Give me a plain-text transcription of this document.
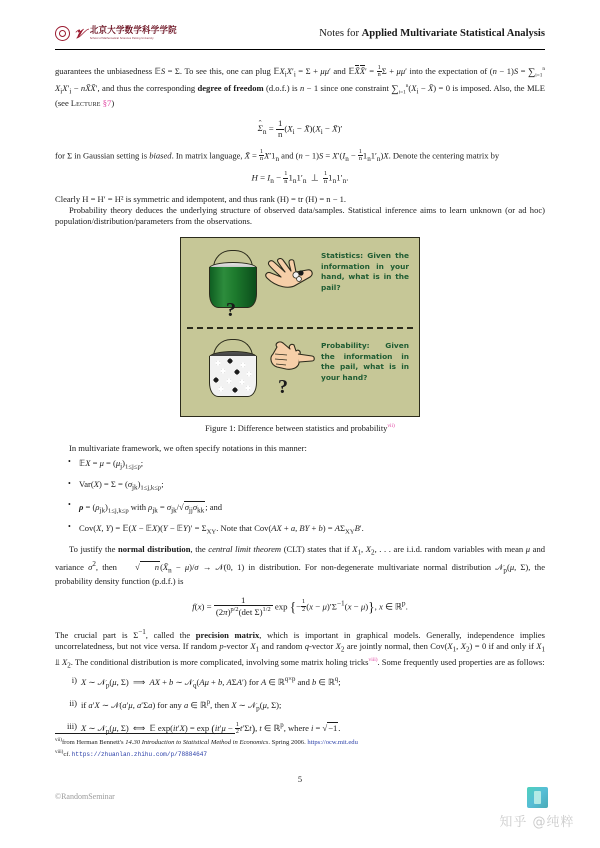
𝒱 北京大学数学科学学院
School of Mathematical Sciences Peking University	Notes for Applied Multivariate Statistical Analysis

guarantees the unbiasedness 𝔼S = Σ. To see this, one can plug $𝔼X_iX'_i = \Sigma + \mu\mu'$ and 𝔼X̄X̄′ = $\frac{1}{n}$ Σ + μμ′ into the expectation of $(n - 1)S = \sum_{i=1}^n$ $X_iX'_i$ − nX̄X̄′, and thus the corresponding degree of freedom (d.o.f.) is n − 1 since one constraint $\sum_{i=1}^n(X_i$ − X̄) = 0 is imposed. Also, the MLE (see Lecture §7)

ˆ $\Sigma_n = \frac{1}{n} (X_i$ − $X̄)(X_i$ − X̄)′

for Σ in Gaussian setting is biased. In matrix language, X̄ = $\frac{1}{n} X'1_n$ and $(n - 1)S = X'(I_n - \frac{1}{n} 1_n1'_n)X$. Denote the centering matrix by

$H = I_n - \frac{1}{n} 1_n1'_n$  ⊥ $\frac{1}{n} 1_n1'_n$.

Clearly H = H′ = H² is symmetric and idempotent, and thus rank (H) = tr (H) = n − 1.

Probability theory deduces the underlying structure of observed data/samples. Statistical inference aims to learn unknown (or ad hoc) population/distribution/parameters from the observations.

?
Statistics: Given the information in your hand, what is in the pail?
?
Probability: Given the information in the pail, what is in your hand?
Figure 1: Difference between statistics and probability$^{vii)}$

In multivariate framework, we often specify notations in this manner:

• 𝔼X = $\mu = (\mu_j)_{1\le j\le p}$;
• $Var(X) = \Sigma = (\sigma_{jk})_{1\le j,k\le p}$;
• $\rho = (\rho_{jk})_{1\le j,k\le p}$ with $\rho_{jk} = \sigma_{jk}/√\sigma_{jj}\sigma_{kk}$; and
• Cov(X, Y) = 𝔼(X − 𝔼X)(Y − 𝔼Y)′ = $\Sigma_{XY}$. Note that Cov(AX + a, BY + $b) = A\Sigma_{XY}B'$.

To justify the normal distribution, the central limit theorem (CLT) states that if $X_1$, $X_2$, . . . are i.i.d. random variables with mean μ and variance $\sigma^2$, then √ $n(X̄_n - \mu)/\sigma$ → 𝒩(0, 1) in distribution. For non-degenerate multivariate normal distribution 𝒩$_p$(μ, Σ), the probability density function (p.d.f.) is

f(x) =
1
$(2\pi)^{p/2}(\det$ Σ)$^{1/2}$ exp {− $\frac{1}{2} (x - \mu)'\Sigma^{-1}(x - \mu)$}, x ∈ ℝ$^p$.

The crucial part is $\Sigma^{-1}$, called the precision matrix, which is important in graphical models. Generally, independence implies uncorrelatedness, but not vice versa. If random p-vector $X_1$ and random q-vector $X_2$ are jointly normal, then $Cov(X_1$, $X_2) = 0$ if and only if $X_1$ ⫫ $X_2$. The conditional distribution is more complicated, involving some matrix holing tricks$^{viii)}$. Some frequently used properties are as follows:

i) X ∼ 𝒩$_p$(μ, Σ)  ⟹  AX + b ∼ 𝒩$_q$(Aμ + b, AΣA′) for A ∈ ℝ$^{q\times p}$ and b ∈ ℝ$^q$;
ii) if a′X ∼ 𝒩(a′μ, a′Σa) for any a ∈ ℝ$^p$, then X ∼ 𝒩$_p$(μ, Σ);
iii) X ∼ 𝒩$_p$(μ, Σ)  ⟺  𝔼 $\exp(it'X) = \exp (it'\mu - \frac{1}{2} t'\Sigma t)$, t ∈ ℝ$^p$, where i = √−1.
$^{vii)}$from Herman Bennett's 14.30 Introduction to Statistical Method in Economics. Spring 2006. https://ocw.mit.edu
$^{viii)}$cf. https://zhuanlan.zhihu.com/p/78884647
5
©RandomSeminar
知乎 @纯粹
